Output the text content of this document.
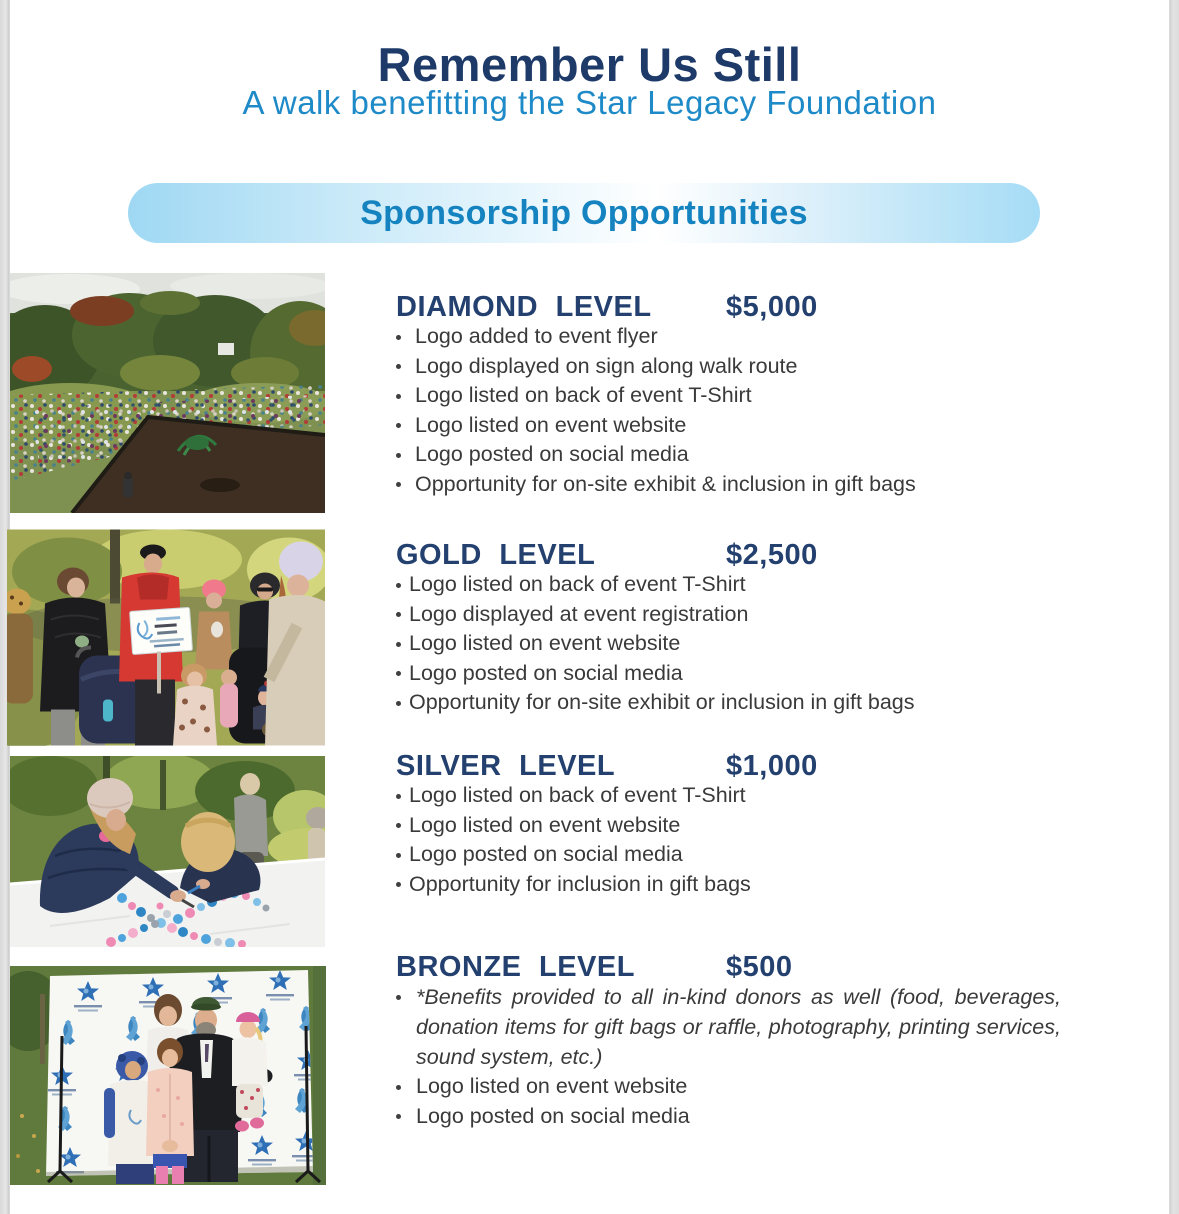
Remember Us Still
A walk benefitting the Star Legacy Foundation
Sponsorship Opportunities
DIAMOND LEVEL	$5,000
Logo added to event flyer
Logo displayed on sign along walk route
Logo listed on back of event T-Shirt
Logo listed on event website
Logo posted on social media
Opportunity for on-site exhibit & inclusion in gift bags
GOLD LEVEL	$2,500
Logo listed on back of event T-Shirt
Logo displayed at event registration
Logo listed on event website
Logo posted on social media
Opportunity for on-site exhibit or inclusion in gift bags
SILVER LEVEL	$1,000
Logo listed on back of event T-Shirt
Logo listed on event website
Logo posted on social media
Opportunity for inclusion in gift bags
BRONZE LEVEL	$500
*Benefits provided to all in-kind donors as well (food, beverages, donation items for gift bags or raffle, photography, printing services, sound system, etc.)
Logo listed on event website
Logo posted on social media
